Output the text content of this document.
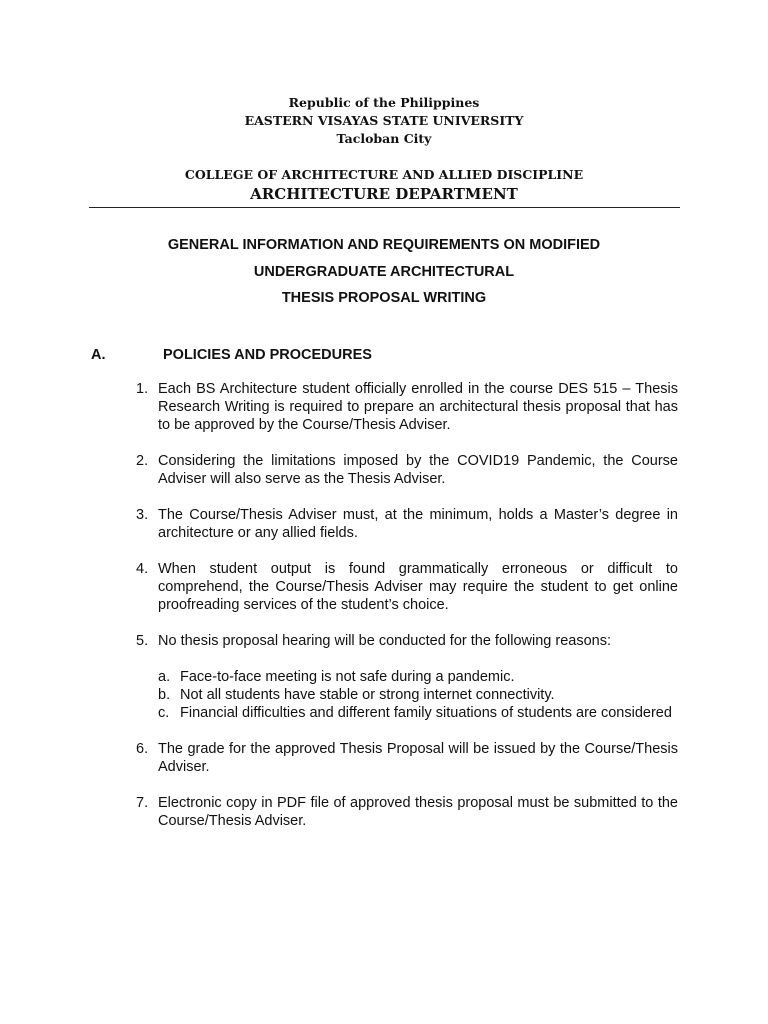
Republic of the Philippines
EASTERN VISAYAS STATE UNIVERSITY
Tacloban City
COLLEGE OF ARCHITECTURE AND ALLIED DISCIPLINE
ARCHITECTURE DEPARTMENT
GENERAL INFORMATION AND REQUIREMENTS ON MODIFIED
UNDERGRADUATE ARCHITECTURAL
THESIS PROPOSAL WRITING
A.	POLICIES AND PROCEDURES
1. Each BS Architecture student officially enrolled in the course DES 515 – Thesis Research Writing is required to prepare an architectural thesis proposal that has to be approved by the Course/Thesis Adviser.
2. Considering the limitations imposed by the COVID19 Pandemic, the Course Adviser will also serve as the Thesis Adviser.
3. The Course/Thesis Adviser must, at the minimum, holds a Master’s degree in architecture or any allied fields.
4. When student output is found grammatically erroneous or difficult to comprehend, the Course/Thesis Adviser may require the student to get online proofreading services of the student’s choice.
5. No thesis proposal hearing will be conducted for the following reasons:
a. Face-to-face meeting is not safe during a pandemic.
b. Not all students have stable or strong internet connectivity.
c. Financial difficulties and different family situations of students are considered
6. The grade for the approved Thesis Proposal will be issued by the Course/Thesis Adviser.
7. Electronic copy in PDF file of approved thesis proposal must be submitted to the Course/Thesis Adviser.
